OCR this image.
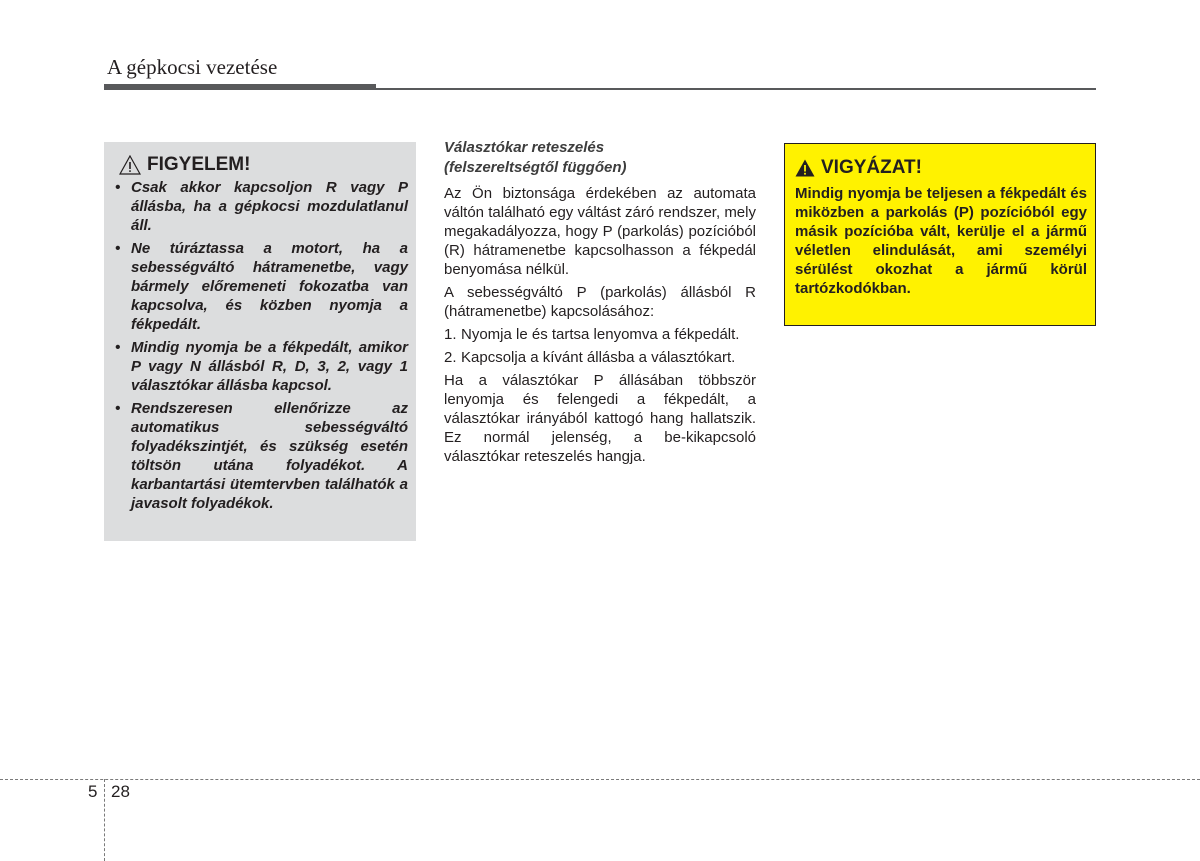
A gépkocsi vezetése
FIGYELEM!
• Csak akkor kapcsoljon R vagy P állásba, ha a gépkocsi mozdulatlanul áll.
• Ne túráztassa a motort, ha a sebességváltó hátramenetbe, vagy bármely előremeneti fokozatba van kapcsolva, és közben nyomja a fékpedált.
• Mindig nyomja be a fékpedált, amikor P vagy N állásból R, D, 3, 2, vagy 1 választókar állásba kapcsol.
• Rendszeresen ellenőrizze az automatikus sebességváltó folyadékszintjét, és szükség esetén töltsön utána folyadékot. A karbantartási ütemtervben találhatók a javasolt folyadékok.
Választókar reteszelés (felszereltségtől függően)
Az Ön biztonsága érdekében az automata váltón található egy váltást záró rendszer, mely megakadályozza, hogy P (parkolás) pozícióból (R) hátramenetbe kapcsolhasson a fékpedál benyomása nélkül.
A sebességváltó P (parkolás) állásból R (hátramenetbe) kapcsolásához:
1. Nyomja le és tartsa lenyomva a fékpedált.
2. Kapcsolja a kívánt állásba a választókart.
Ha a választókar P állásában többször lenyomja és felengedi a fékpedált, a választókar irányából kattogó hang hallatszik. Ez normál jelenség, a be-kikapcsoló választókar reteszelés hangja.
VIGYÁZAT!
Mindig nyomja be teljesen a fékpedált és miközben a parkolás (P) pozícióból egy másik pozícióba vált, kerülje el a jármű véletlen elindulását, ami személyi sérülést okozhat a jármű körül tartózkodókban.
5 28
